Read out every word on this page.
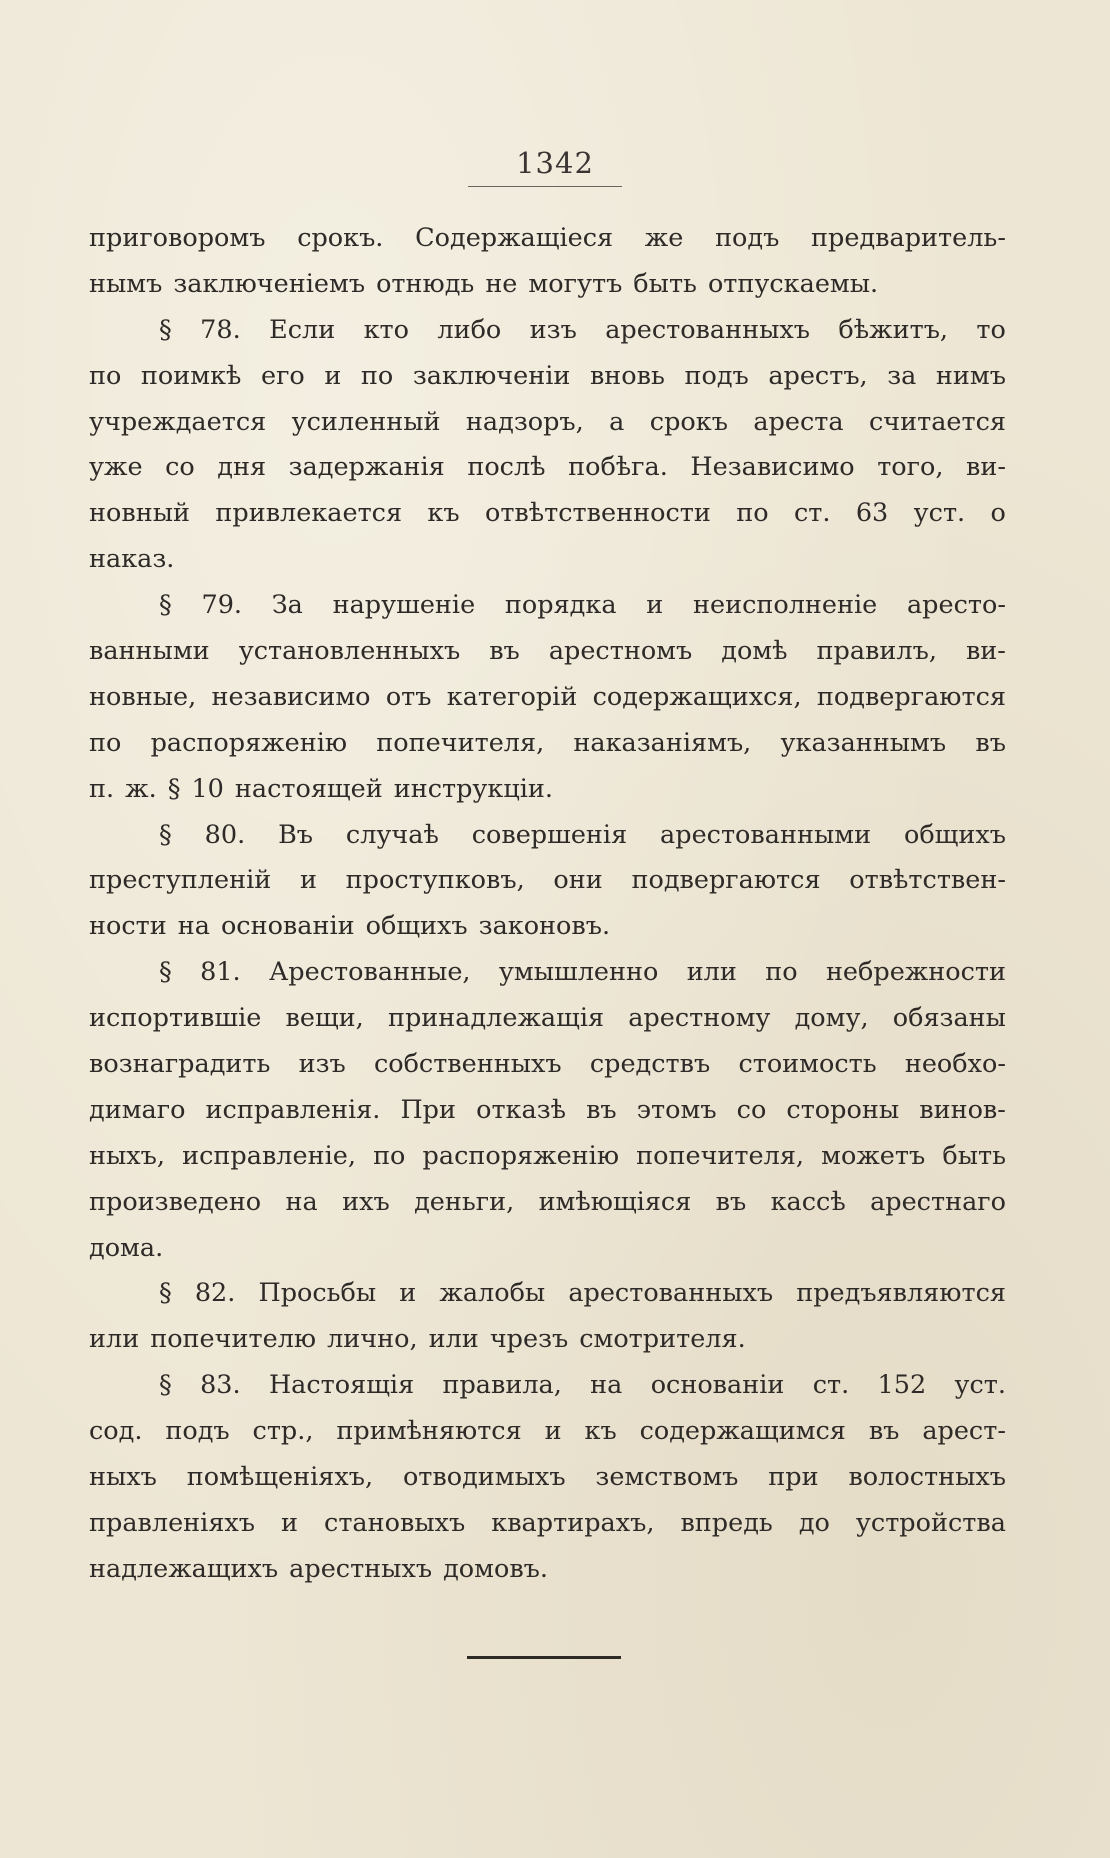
1342
приговоромъ срокъ. Содержащіеся же подъ предваритель-
нымъ заключеніемъ отнюдь не могутъ быть отпускаемы.
§ 78. Если кто либо изъ арестованныхъ бѣжитъ, то
по поимкѣ его и по заключеніи вновь подъ арестъ, за нимъ
учреждается усиленный надзоръ, а срокъ ареста считается
уже со дня задержанія послѣ побѣга. Независимо того, ви-
новный привлекается къ отвѣтственности по ст. 63 уст. о
наказ.
§ 79. За нарушеніе порядка и неисполненіе аресто-
ванными установленныхъ въ арестномъ домѣ правилъ, ви-
новные, независимо отъ категорій содержащихся, подвергаются
по распоряженію попечителя, наказаніямъ, указаннымъ въ
п. ж. § 10 настоящей инструкціи.
§ 80. Въ случаѣ совершенія арестованными общихъ
преступленій и проступковъ, они подвергаются отвѣтствен-
ности на основаніи общихъ законовъ.
§ 81. Арестованные, умышленно или по небрежности
испортившіе вещи, принадлежащія арестному дому, обязаны
вознаградить изъ собственныхъ средствъ стоимость необхо-
димаго исправленія. При отказѣ въ этомъ со стороны винов-
ныхъ, исправленіе, по распоряженію попечителя, можетъ быть
произведено на ихъ деньги, имѣющіяся въ кассѣ арестнаго
дома.
§ 82. Просьбы и жалобы арестованныхъ предъявляются
или попечителю лично, или чрезъ смотрителя.
§ 83. Настоящія правила, на основаніи ст. 152 уст.
сод. подъ стр., примѣняются и къ содержащимся въ арест-
ныхъ помѣщеніяхъ, отводимыхъ земствомъ при волостныхъ
правленіяхъ и становыхъ квартирахъ, впредь до устройства
надлежащихъ арестныхъ домовъ.
